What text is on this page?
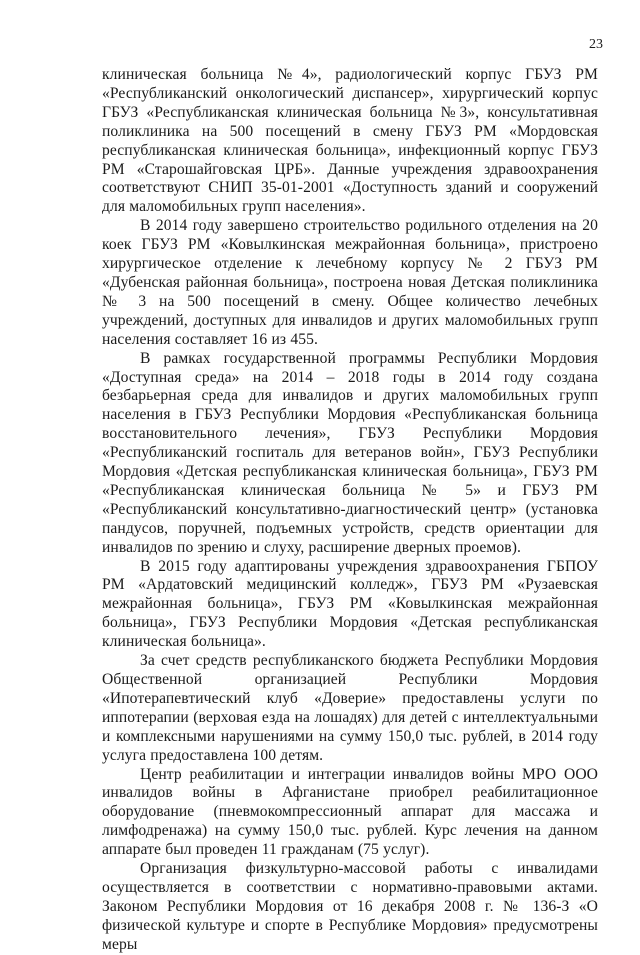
23

клиническая больница №4», радиологический корпус ГБУЗ РМ «Республиканский онкологический диспансер», хирургический корпус ГБУЗ «Республиканская клиническая больница №3», консультативная поликлиника на 500 посещений в смену ГБУЗ РМ «Мордовская республиканская клиническая больница», инфекционный корпус ГБУЗ РМ «Старошайговская ЦРБ». Данные учреждения здравоохранения соответствуют СНИП 35-01-2001 «Доступность зданий и сооружений для маломобильных групп населения».

В 2014 году завершено строительство родильного отделения на 20 коек ГБУЗ РМ «Ковылкинская межрайонная больница», пристроено хирургическое отделение к лечебному корпусу № 2 ГБУЗ РМ «Дубенская районная больница», построена новая Детская поликлиника № 3 на 500 посещений в смену. Общее количество лечебных учреждений, доступных для инвалидов и других маломобильных групп населения составляет 16 из 455.

В рамках государственной программы Республики Мордовия «Доступная среда» на 2014 – 2018 годы в 2014 году создана безбарьерная среда для инвалидов и других маломобильных групп населения в ГБУЗ Республики Мордовия «Республиканская больница восстановительного лечения», ГБУЗ Республики Мордовия «Республиканский госпиталь для ветеранов войн», ГБУЗ Республики Мордовия «Детская республиканская клиническая больница», ГБУЗ РМ «Республиканская клиническая больница № 5» и ГБУЗ РМ «Республиканский консультативно-диагностический центр» (установка пандусов, поручней, подъемных устройств, средств ориентации для инвалидов по зрению и слуху, расширение дверных проемов).

В 2015 году адаптированы учреждения здравоохранения ГБПОУ РМ «Ардатовский медицинский колледж», ГБУЗ РМ «Рузаевская межрайонная больница», ГБУЗ РМ «Ковылкинская межрайонная больница», ГБУЗ Республики Мордовия «Детская республиканская клиническая больница».

За счет средств республиканского бюджета Республики Мордовия Общественной организацией Республики Мордовия «Ипотерапевтический клуб «Доверие» предоставлены услуги по иппотерапии (верховая езда на лошадях) для детей с интеллектуальными и комплексными нарушениями на сумму 150,0 тыс. рублей, в 2014 году услуга предоставлена 100 детям.

Центр реабилитации и интеграции инвалидов войны МРО ООО инвалидов войны в Афганистане приобрел реабилитационное оборудование (пневмокомпрессионный аппарат для массажа и лимфодренажа) на сумму 150,0 тыс. рублей. Курс лечения на данном аппарате был проведен 11 гражданам (75 услуг).

Организация физкультурно-массовой работы с инвалидами осуществляется в соответствии с нормативно-правовыми актами. Законом Республики Мордовия от 16 декабря 2008 г. № 136-З «О физической культуре и спорте в Республике Мордовия» предусмотрены меры
